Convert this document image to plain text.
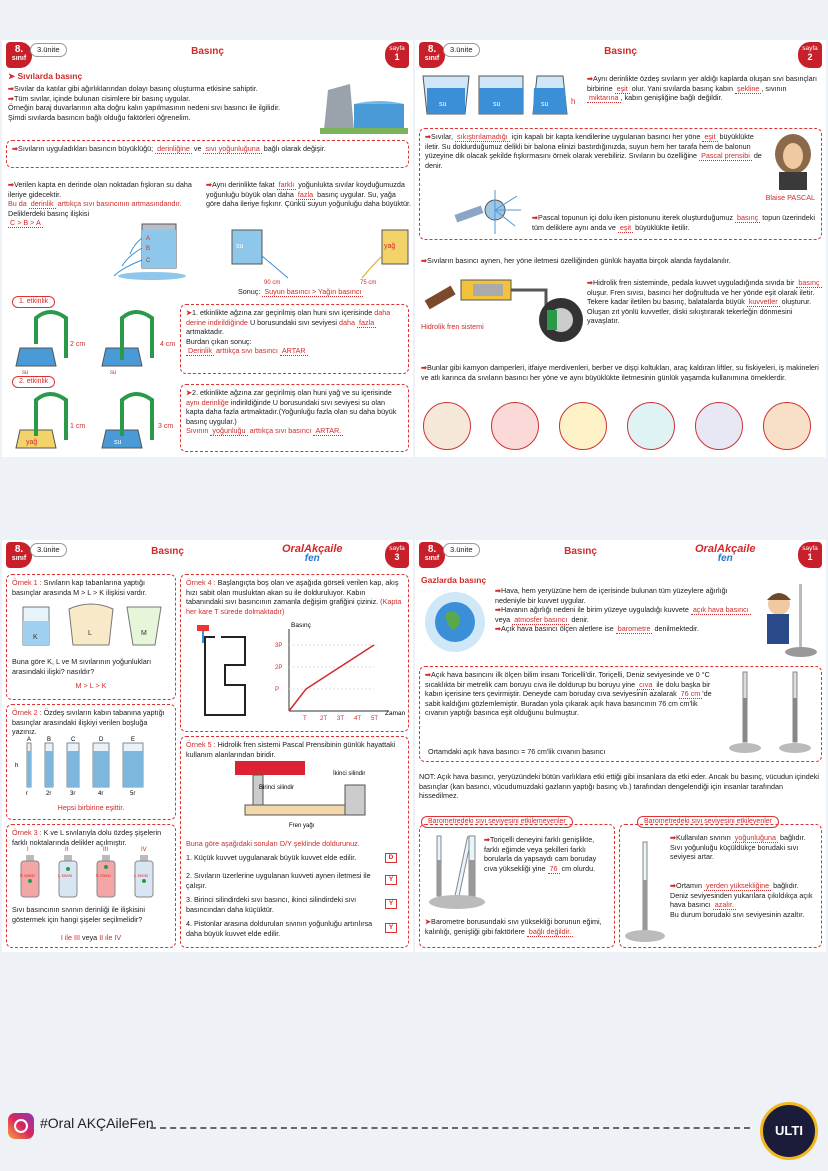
8.
sınıf
3.ünite	Basınç	sayfa
1
➤ Sıvılarda basınç
➡Sıvılar da katılar gibi ağırlıklarından dolayı basınç oluşturma etkisine sahiptir.
➡Tüm sıvılar, içinde bulunan cisimlere bir basınç uygular.
Örneğin baraj duvarlarının alta doğru kalın yapılmasının nedeni sıvı basıncı ile ilgilidir.
Şimdi sıvılarda basıncın bağlı olduğu faktörleri öğrenelim.
➡Sıvıların uyguladıkları basıncın büyüklüğü; derinliğine ve sıvı yoğunluğuna bağlı olarak değişir.
➡Verilen kapta en derinde olan noktadan fışkıran su daha ileriye gidecektir.
Bu da derinlik arttıkça sıvı basıncının artmasındandır.
Deliklerdeki basınç ilişkisi
C > B > A
A
B
C
➡Aynı derinlikte fakat farklı yoğunlukta sıvılar koyduğumuzda yoğunluğu büyük olan daha fazla basınç uygular. Su, yağa göre daha ileriye fışkırır. Çünkü suyun yoğunluğu daha büyüktür.
su
90 cm
yağ
75 cm
Sonuç: Suyun basıncı > Yağın basıncı
1. etkinlik
2 cm
su
4 cm
su
➤1. etkinlikte ağzına zar geçirilmiş olan huni sıvı içerisinde daha derine indirildiğinde U borusundaki sıvı seviyesi daha fazla artmaktadır.
Burdan çıkan sonuç:
Derinlik arttıkça sıvı basıncı ARTAR
2. etkinlik
yağ
1 cm
su
3 cm
➤2. etkinlikte ağzına zar geçirilmiş olan huni yağ ve su içerisinde aynı derinliğe indirildiğinde U borusundaki sıvı seviyesi su olan kapta daha fazla artmaktadır.(Yoğunluğu fazla olan su daha büyük basınç uygular.)
Sıvının yoğunluğu arttıkça sıvı basıncı ARTAR.
8.
sınıf
3.ünite	Basınç	sayfa
2
su	su	su	h
➡Aynı derinlikte özdeş sıvıların yer aldığı kaplarda oluşan sıvı basınçları birbirine eşit olur. Yani sıvılarda basınç kabın şekline , sıvının miktarına , kabın genişliğine bağlı değildir.
➡Sıvılar, sıkıştırılamadığı için kapalı bir kapta kendilerine uygulanan basıncı her yöne eşit büyüklükte iletir. Su doldurduğumuz delikli bir balona elinizi bastırdığınızda, suyun hem her tarafa hem de balonun yüzeyine dik olacak şekilde fışkırmasını örnek olarak verebiliriz. Sıvıların bu özelliğine Pascal prensibi de denir.
Blaise PASCAL
➡Pascal topunun içi dolu iken pistonunu iterek oluşturduğumuz basınç topun üzerindeki tüm deliklere aynı anda ve eşit büyüklükte iletilir.
➡Sıvıların basıncı aynen, her yöne iletmesi özelliğinden günlük hayatta birçok alanda faydalanılır.
Hidrolik fren sistemi
➡Hidrolik fren sisteminde, pedala kuvvet uyguladığında sıvıda bir basınç oluşur. Fren sıvısı, basıncı her doğrultuda ve her yönde eşit olarak iletir. Tekere kadar iletilen bu basınç, balatalarda büyük kuvvetler oluşturur. Oluşan zıt yönlü kuvvetler, diski sıkıştırarak tekerleğin dönmesini yavaşlatır.
➡Bunlar gibi kamyon damperleri, itfaiye merdivenleri, berber ve dişçi koltukları, araç kaldıran liftler, su fiskiyeleri, iş makineleri ve atlı karınca da sıvıların basıncı her yöne ve aynı büyüklükte iletmesinin günlük yaşamda kullanımına örneklerdir.
8.
sınıf
3.ünite	Basınç	OralAkçaile
fen
sayfa
3
Örnek 1 : Sıvıların kap tabanlarına yaptığı basınçlar arasında M > L > K ilişkisi vardır.
K
L	M
Buna göre K, L ve M sıvılarının yoğunlukları arasındaki ilişki? nasıldır?
M > L > K
Örnek 2 : Özdeş sıvıların kabın tabanına yaptığı basınçlar arasındaki ilişkiyi verilen boşluğa yazınız.
h
A
r
B
2r
C
3r
D
4r
E
5r
Hepsi birbirine eşittir.
Örnek 3 : K ve L sıvılarıyla dolu özdeş şişelerin farklı noktalarında delikler açılmıştır.
I
K sıvısı
II
L sıvısı
III
K sıvısı
IV
L sıvısı
Sıvı basıncının sıvının derinliği ile ilişkisini göstermek için hangi şişeler seçilmelidir?
I ile III veya II ile IV
Örnek 4 : Başlangıçta boş olan ve aşağıda görseli verilen kap, akış hızı sabit olan musluktan akan su ile dolduruluyor. Kabın tabanındaki sıvı basıncının zamanla değişim grafiğini çiziniz. (Kapta her kare T sürede dolmaktadır)
Basınç
Zaman
3P
2P
P
T 2T 3T 4T 5T
Örnek 5 : Hidrolik fren sistemi Pascal Prensibinin günlük hayattaki kullanım alanlarından biridir.
Birinci silindir
İkinci silindir
Fren yağı
Buna göre aşağıdaki soruları D/Y şeklinde doldurunuz.
1. Küçük kuvvet uygulanarak büyük kuvvet elde edilir.	D
2. Sıvıların üzerlerine uygulanan kuvveti aynen iletmesi ile çalışır.
Y
3. Birinci silindirdeki sıvı basıncı, ikinci silindirdeki sıvı basıncından daha küçüktür.
Y
4. Pistonlar arasına doldurulan sıvının yoğunluğu artırılırsa daha büyük kuvvet elde edilir.
Y
8.
sınıf
3.ünite	Basınç	OralAkçaile
fen
sayfa
1
Gazlarda basınç
➡Hava, hem yeryüzüne hem de içerisinde bulunan tüm yüzeylere ağırlığı nedeniyle bir kuvvet uygular.
➡Havanın ağırlığı nedeni ile birim yüzeye uyguladığı kuvvete açık hava basıncı veya atmosfer basıncı denir.
➡Açık hava basıncı ölçen aletlere ise barometre denilmektedir.
➡Açık hava basıncını ilk ölçen bilim insanı Toricelli'dir. Toriçelli, Deniz seviyesinde ve 0 °C sıcaklıkta bir metrelik cam boruyu cıva ile doldurup bu boruyu yine cıva ile dolu başka bir kabın içerisine ters çevirmiştir. Deneyde cam boruday cıva seviyesinin azalarak 76 cm 'de sabit kaldığını gözlemlemiştir. Buradan yola çıkarak açık hava basıncının 76 cm cm'lik cıvanın yaptığı basınca eşit olduğunu bulmuştur.
Ortamdaki açık hava basıncı = 76 cm'lik cıvanın basıncı
NOT: Açık hava basıncı, yeryüzündeki bütün varlıklara etki ettiği gibi insanlara da etki eder. Ancak bu basınç, vücudun içindeki basınçlar (kan basıncı, vücudumuzdaki gazların yaptığı basınç vb.) tarafından dengelendiği için insanlar tarafından hissedilmez.
Barometredeki sıvı seviyesini etkilemeyenler
➡Toriçelli deneyini farklı genişlikte, farklı eğimde veya şekilleri farklı borularla da yapsaydı cam boruday cıva yüksekliği yine 76 cm olurdu.
➤Barometre borusundaki sıvı yüksekliği borunun eğimi, kalınlığı, genişliği gibi faktörlere bağlı değildir.
Barometredeki sıvı seviyesini etkileyenler
➡Kullanılan sıvının yoğunluğuna bağlıdır. Sıvı yoğunluğu küçüldükçe borudaki sıvı seviyesi artar.
➡Ortamın yerden yüksekliğine bağlıdır. Deniz seviyesinden yukarılara çıkıldıkça açık hava basıncı azalır.
Bu durum borudaki sıvı seviyesinin azaltır.
#Oral AKÇAileFen	ULTI
